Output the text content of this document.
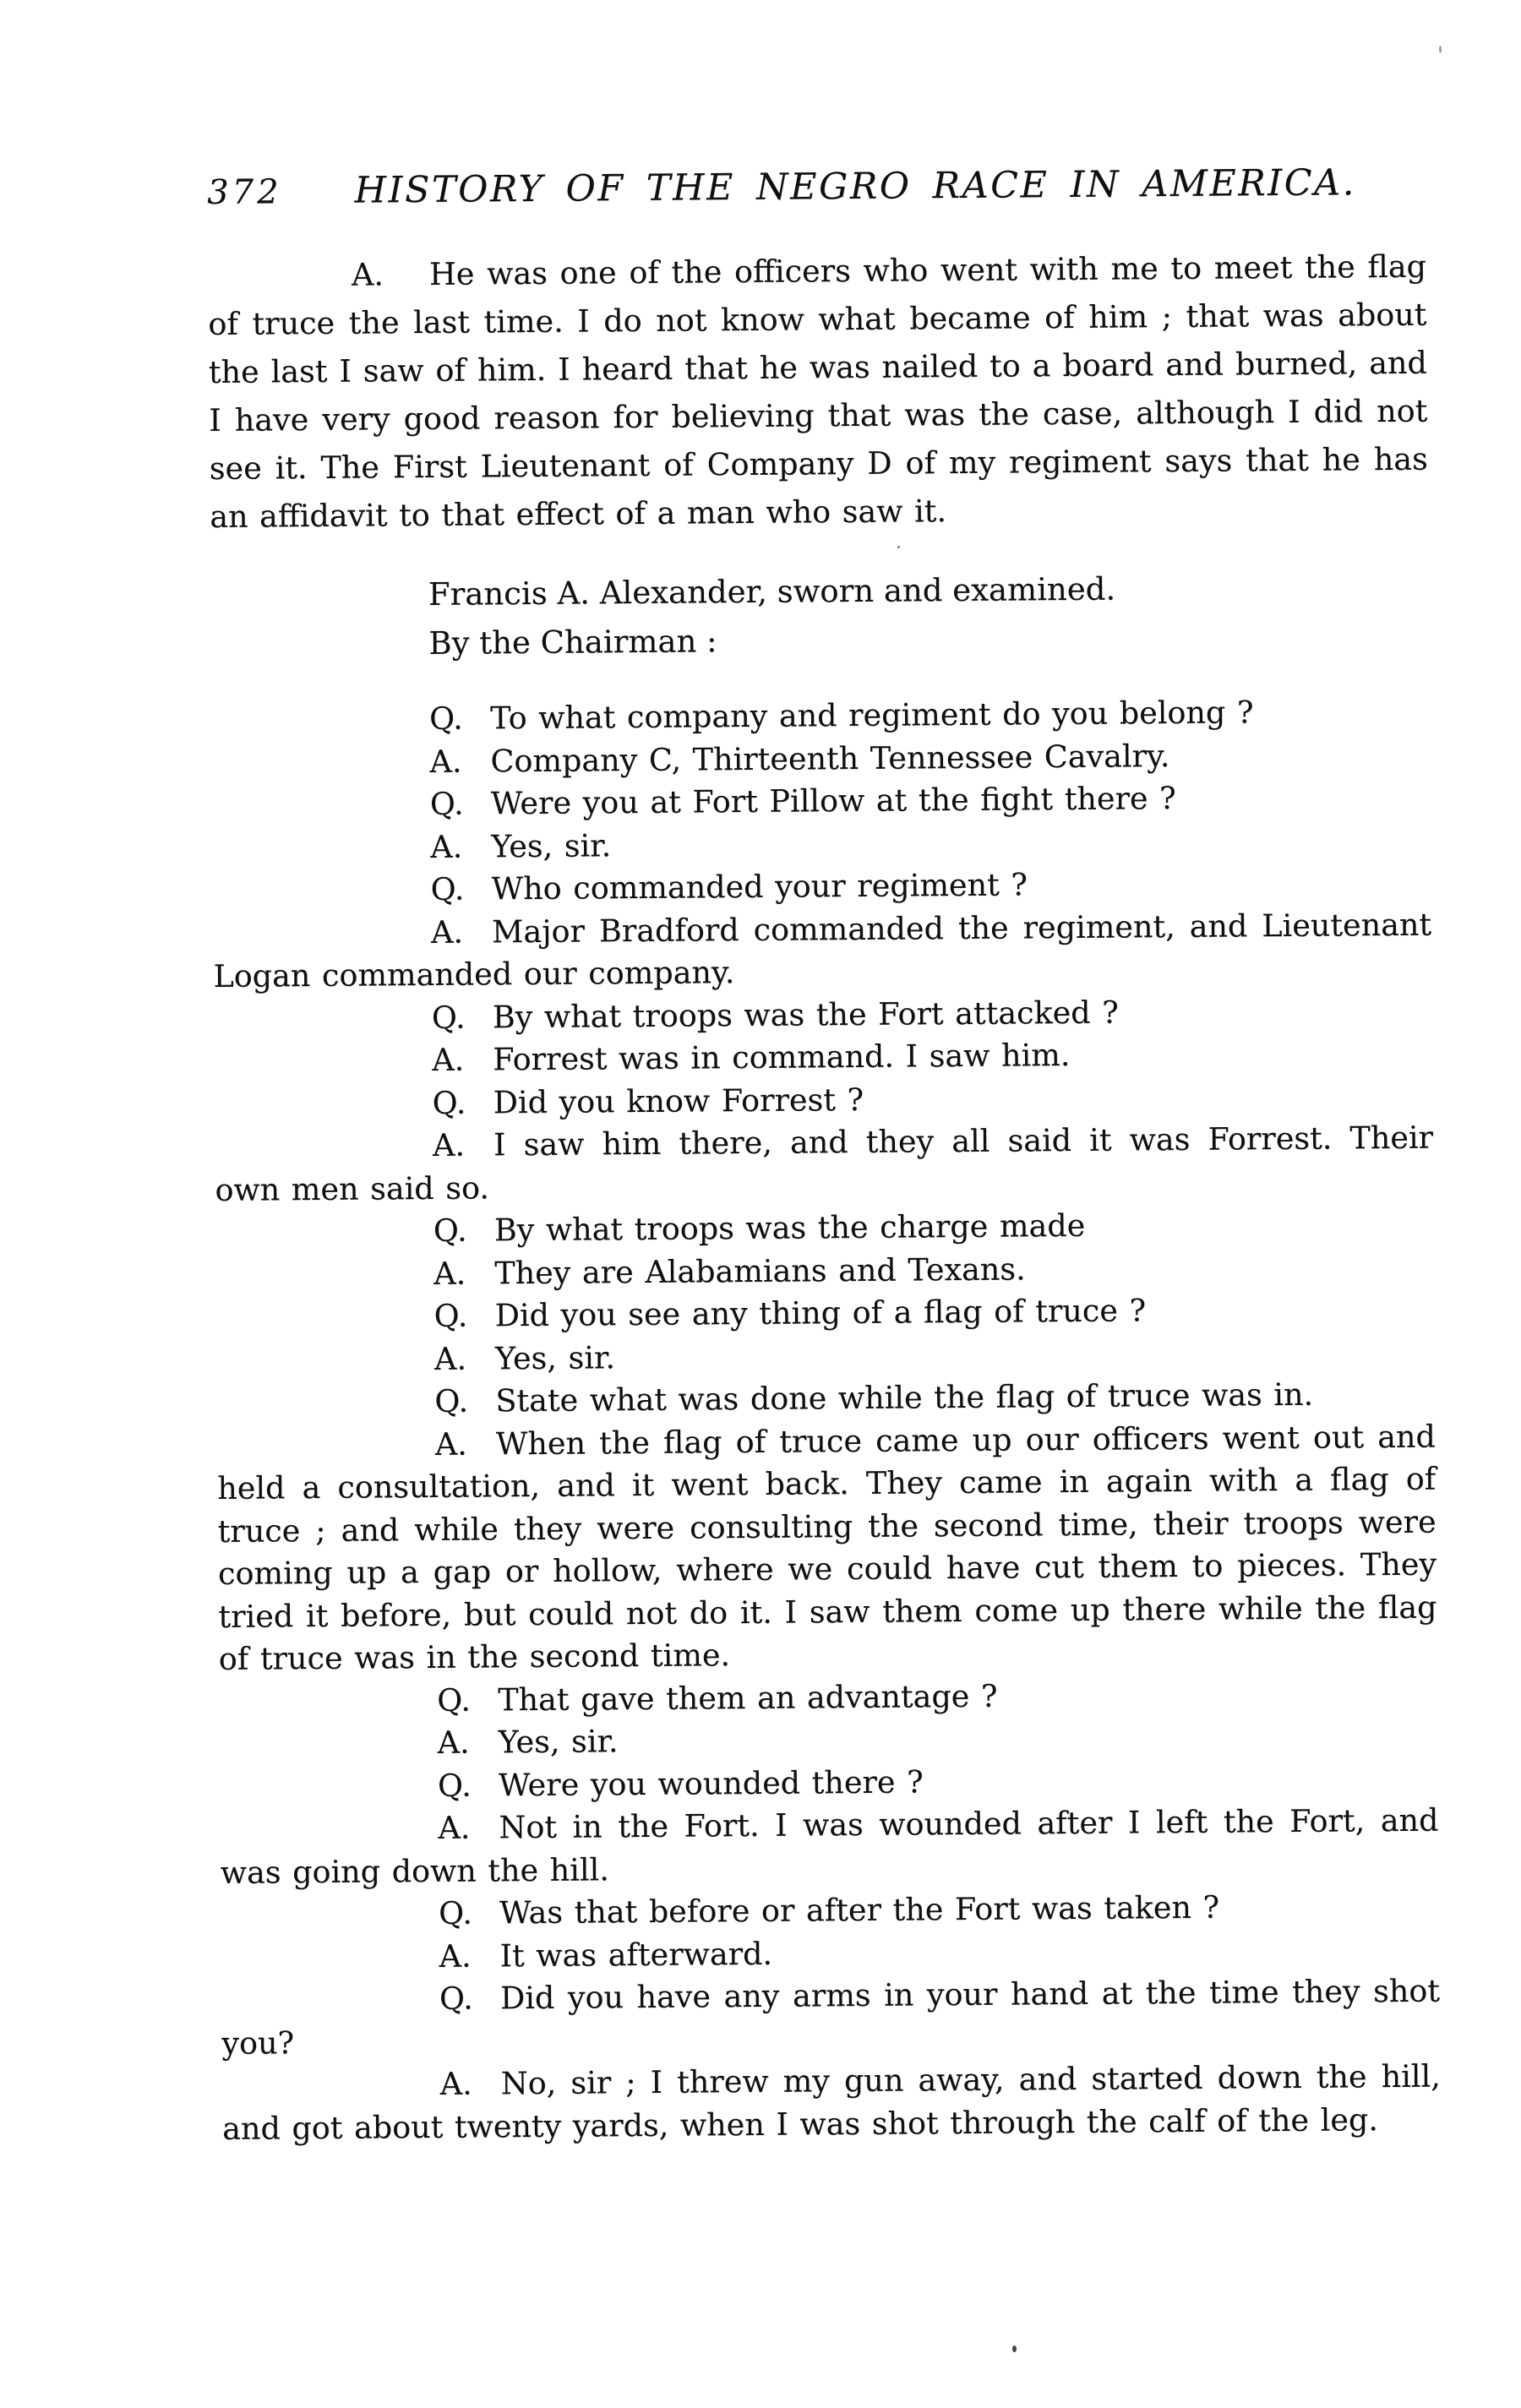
372 HISTORY OF THE NEGRO RACE IN AMERICA.

A. He was one of the officers who went with me to meet the flag of truce the last time. I do not know what became of him ; that was about the last I saw of him. I heard that he was nailed to a board and burned, and I have very good reason for believing that was the case, although I did not see it. The First Lieutenant of Company D of my regiment says that he has an affidavit to that effect of a man who saw it.

Francis A. Alexander, sworn and examined.

By the Chairman :

Q. To what company and regiment do you belong ?

A. Company C, Thirteenth Tennessee Cavalry.

Q. Were you at Fort Pillow at the fight there ?

A. Yes, sir.

Q. Who commanded your regiment ?

A. Major Bradford commanded the regiment, and Lieutenant Logan commanded our company.

Q. By what troops was the Fort attacked ?

A. Forrest was in command. I saw him.

Q. Did you know Forrest ?

A. I saw him there, and they all said it was Forrest. Their own men said so.

Q. By what troops was the charge made

A. They are Alabamians and Texans.

Q. Did you see any thing of a flag of truce ?

A. Yes, sir.

Q. State what was done while the flag of truce was in.

A. When the flag of truce came up our officers went out and held a consultation, and it went back. They came in again with a flag of truce ; and while they were consulting the second time, their troops were coming up a gap or hollow, where we could have cut them to pieces. They tried it before, but could not do it. I saw them come up there while the flag of truce was in the second time.

Q. That gave them an advantage ?

A. Yes, sir.

Q. Were you wounded there ?

A. Not in the Fort. I was wounded after I left the Fort, and was going down the hill.

Q. Was that before or after the Fort was taken ?

A. It was afterward.

Q. Did you have any arms in your hand at the time they shot you?

A. No, sir ; I threw my gun away, and started down the hill, and got about twenty yards, when I was shot through the calf of the leg.
